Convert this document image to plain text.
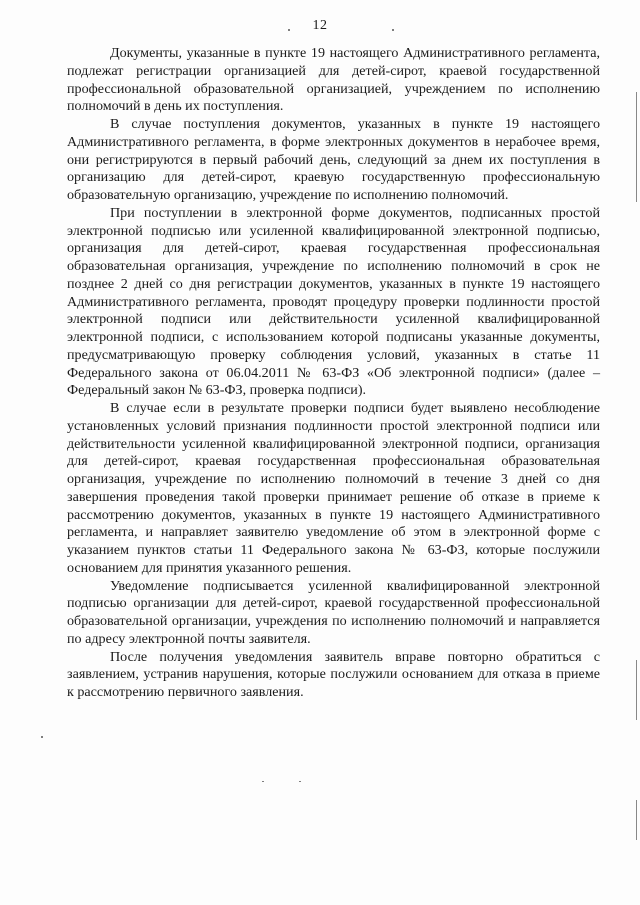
12

Документы, указанные в пункте 19 настоящего Административного регламента, подлежат регистрации организацией для детей-сирот, краевой государственной профессиональной образовательной организацией, учреждением по исполнению полномочий в день их поступления.

В случае поступления документов, указанных в пункте 19 настоящего Административного регламента, в форме электронных документов в нерабочее время, они регистрируются в первый рабочий день, следующий за днем их поступления в организацию для детей-сирот, краевую государственную профессиональную образовательную организацию, учреждение по исполнению полномочий.

При поступлении в электронной форме документов, подписанных простой электронной подписью или усиленной квалифицированной электронной подписью, организация для детей-сирот, краевая государственная профессиональная образовательная организация, учреждение по исполнению полномочий в срок не позднее 2 дней со дня регистрации документов, указанных в пункте 19 настоящего Административного регламента, проводят процедуру проверки подлинности простой электронной подписи или действительности усиленной квалифицированной электронной подписи, с использованием которой подписаны указанные документы, предусматривающую проверку соблюдения условий, указанных в статье 11 Федерального закона от 06.04.2011 № 63-ФЗ «Об электронной подписи» (далее – Федеральный закон № 63-ФЗ, проверка подписи).

В случае если в результате проверки подписи будет выявлено несоблюдение установленных условий признания подлинности простой электронной подписи или действительности усиленной квалифицированной электронной подписи, организация для детей-сирот, краевая государственная профессиональная образовательная организация, учреждение по исполнению полномочий в течение 3 дней со дня завершения проведения такой проверки принимает решение об отказе в приеме к рассмотрению документов, указанных в пункте 19 настоящего Административного регламента, и направляет заявителю уведомление об этом в электронной форме с указанием пунктов статьи 11 Федерального закона № 63-ФЗ, которые послужили основанием для принятия указанного решения.

Уведомление подписывается усиленной квалифицированной электронной подписью организации для детей-сирот, краевой государственной профессиональной образовательной организации, учреждения по исполнению полномочий и направляется по адресу электронной почты заявителя.

После получения уведомления заявитель вправе повторно обратиться с заявлением, устранив нарушения, которые послужили основанием для отказа в приеме к рассмотрению первичного заявления.
